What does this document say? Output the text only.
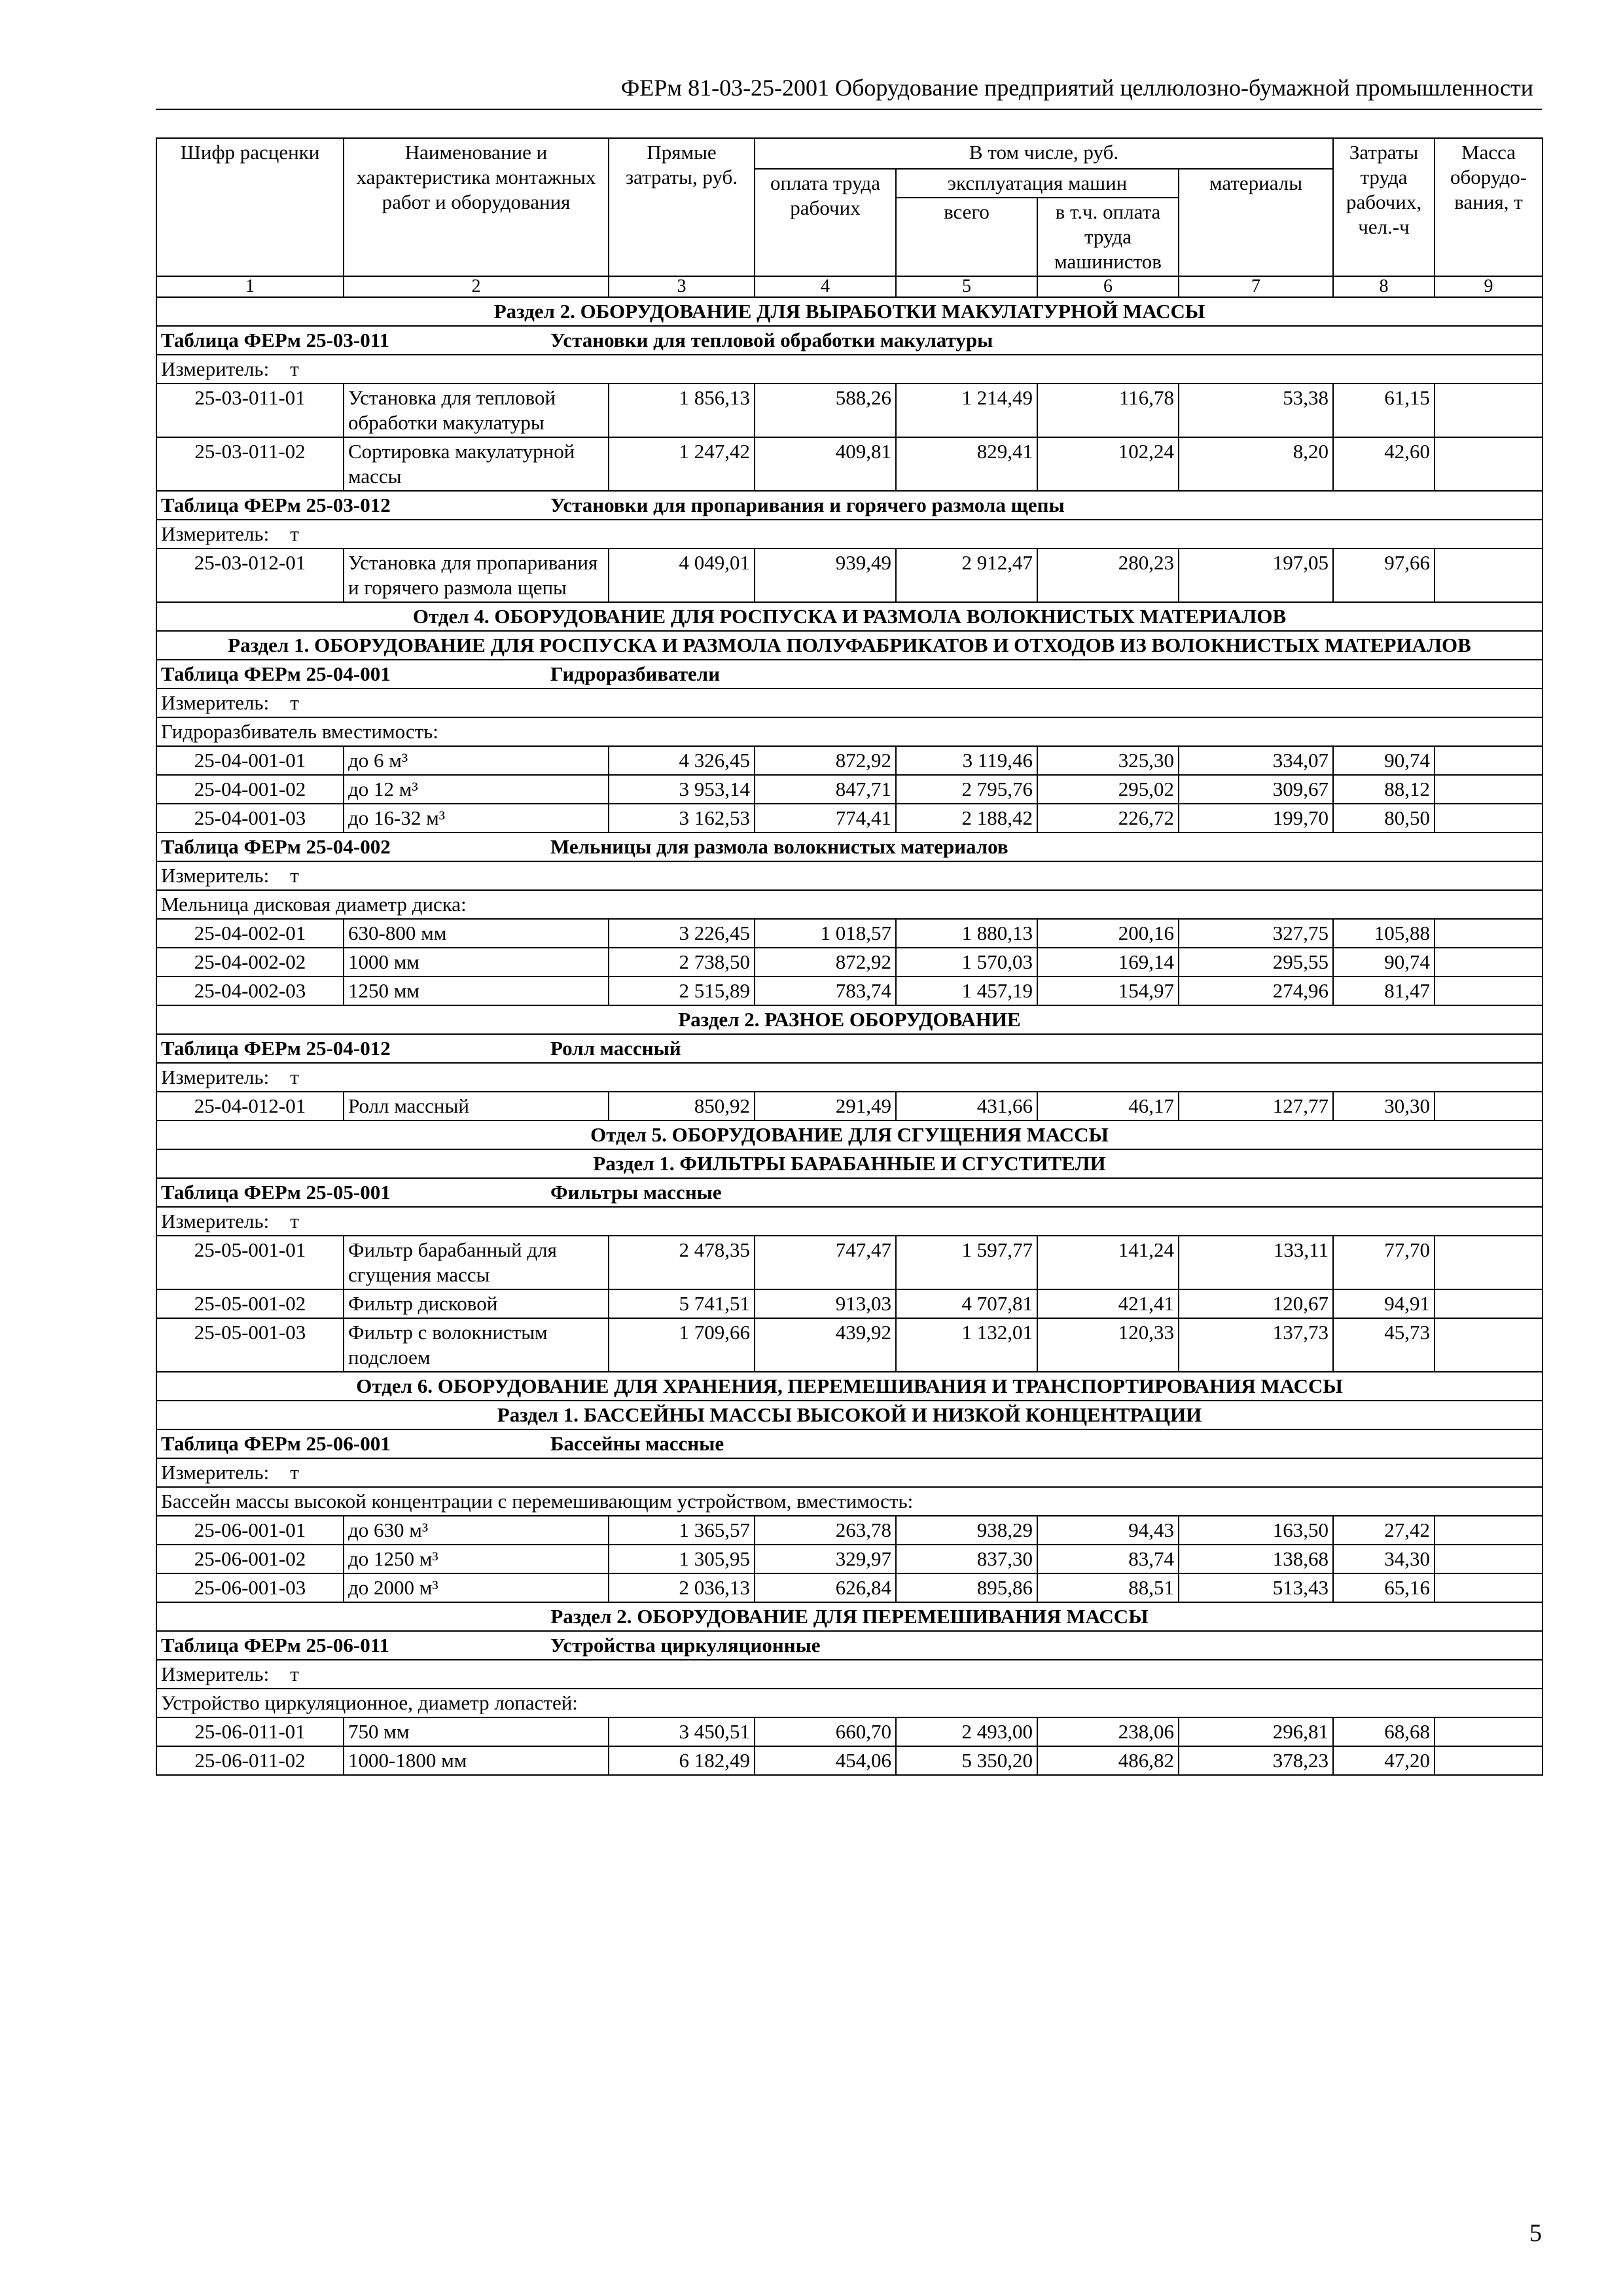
ФЕРм 81-03-25-2001 Оборудование предприятий целлюлозно-бумажной промышленности
Шифр расценки	Наименование и характеристика монтажных работ и оборудования	Прямые затраты, руб.	В том числе, руб.				Затраты труда рабочих, чел.-ч	Масса оборудо-вания, т
			оплата труда рабочих	эксплуатация машин		материалы		
				всего	в т.ч. оплата труда машинистов			
1	2	3	4	5	6	7	8	9
Раздел 2. ОБОРУДОВАНИЕ ДЛЯ ВЫРАБОТКИ МАКУЛАТУРНОЙ МАССЫ								
Таблица ФЕРм 25-03-011 Установки для тепловой обработки макулатуры								
Измеритель: т								
25-03-011-01	Установка для тепловой обработки макулатуры	1 856,13	588,26	1 214,49	116,78	53,38	61,15	
25-03-011-02	Сортировка макулатурной массы	1 247,42	409,81	829,41	102,24	8,20	42,60	
Таблица ФЕРм 25-03-012 Установки для пропаривания и горячего размола щепы								
Измеритель: т								
25-03-012-01	Установка для пропаривания и горячего размола щепы	4 049,01	939,49	2 912,47	280,23	197,05	97,66	
Отдел 4. ОБОРУДОВАНИЕ ДЛЯ РОСПУСКА И РАЗМОЛА ВОЛОКНИСТЫХ МАТЕРИАЛОВ								
Раздел 1. ОБОРУДОВАНИЕ ДЛЯ РОСПУСКА И РАЗМОЛА ПОЛУФАБРИКАТОВ И ОТХОДОВ ИЗ ВОЛОКНИСТЫХ МАТЕРИАЛОВ								
Таблица ФЕРм 25-04-001 Гидроразбиватели								
Измеритель: т								
Гидроразбиватель вместимость:								
25-04-001-01	до 6 м³	4 326,45	872,92	3 119,46	325,30	334,07	90,74	
25-04-001-02	до 12 м³	3 953,14	847,71	2 795,76	295,02	309,67	88,12	
25-04-001-03	до 16-32 м³	3 162,53	774,41	2 188,42	226,72	199,70	80,50	
Таблица ФЕРм 25-04-002 Мельницы для размола волокнистых материалов								
Измеритель: т								
Мельница дисковая диаметр диска:								
25-04-002-01	630-800 мм	3 226,45	1 018,57	1 880,13	200,16	327,75	105,88	
25-04-002-02	1000 мм	2 738,50	872,92	1 570,03	169,14	295,55	90,74	
25-04-002-03	1250 мм	2 515,89	783,74	1 457,19	154,97	274,96	81,47	
Раздел 2. РАЗНОЕ ОБОРУДОВАНИЕ								
Таблица ФЕРм 25-04-012 Ролл массный								
Измеритель: т								
25-04-012-01	Ролл массный	850,92	291,49	431,66	46,17	127,77	30,30	
Отдел 5. ОБОРУДОВАНИЕ ДЛЯ СГУЩЕНИЯ МАССЫ								
Раздел 1. ФИЛЬТРЫ БАРАБАННЫЕ И СГУСТИТЕЛИ								
Таблица ФЕРм 25-05-001 Фильтры массные								
Измеритель: т								
25-05-001-01	Фильтр барабанный для сгущения массы	2 478,35	747,47	1 597,77	141,24	133,11	77,70	
25-05-001-02	Фильтр дисковой	5 741,51	913,03	4 707,81	421,41	120,67	94,91	
25-05-001-03	Фильтр с волокнистым подслоем	1 709,66	439,92	1 132,01	120,33	137,73	45,73	
Отдел 6. ОБОРУДОВАНИЕ ДЛЯ ХРАНЕНИЯ, ПЕРЕМЕШИВАНИЯ И ТРАНСПОРТИРОВАНИЯ МАССЫ								
Раздел 1. БАССЕЙНЫ МАССЫ ВЫСОКОЙ И НИЗКОЙ КОНЦЕНТРАЦИИ								
Таблица ФЕРм 25-06-001 Бассейны массные								
Измеритель: т								
Бассейн массы высокой концентрации с перемешивающим устройством, вместимость:								
25-06-001-01	до 630 м³	1 365,57	263,78	938,29	94,43	163,50	27,42	
25-06-001-02	до 1250 м³	1 305,95	329,97	837,30	83,74	138,68	34,30	
25-06-001-03	до 2000 м³	2 036,13	626,84	895,86	88,51	513,43	65,16	
Раздел 2. ОБОРУДОВАНИЕ ДЛЯ ПЕРЕМЕШИВАНИЯ МАССЫ								
Таблица ФЕРм 25-06-011 Устройства циркуляционные								
Измеритель: т								
Устройство циркуляционное, диаметр лопастей:								
25-06-011-01	750 мм	3 450,51	660,70	2 493,00	238,06	296,81	68,68	
25-06-011-02	1000-1800 мм	6 182,49	454,06	5 350,20	486,82	378,23	47,20	
5
